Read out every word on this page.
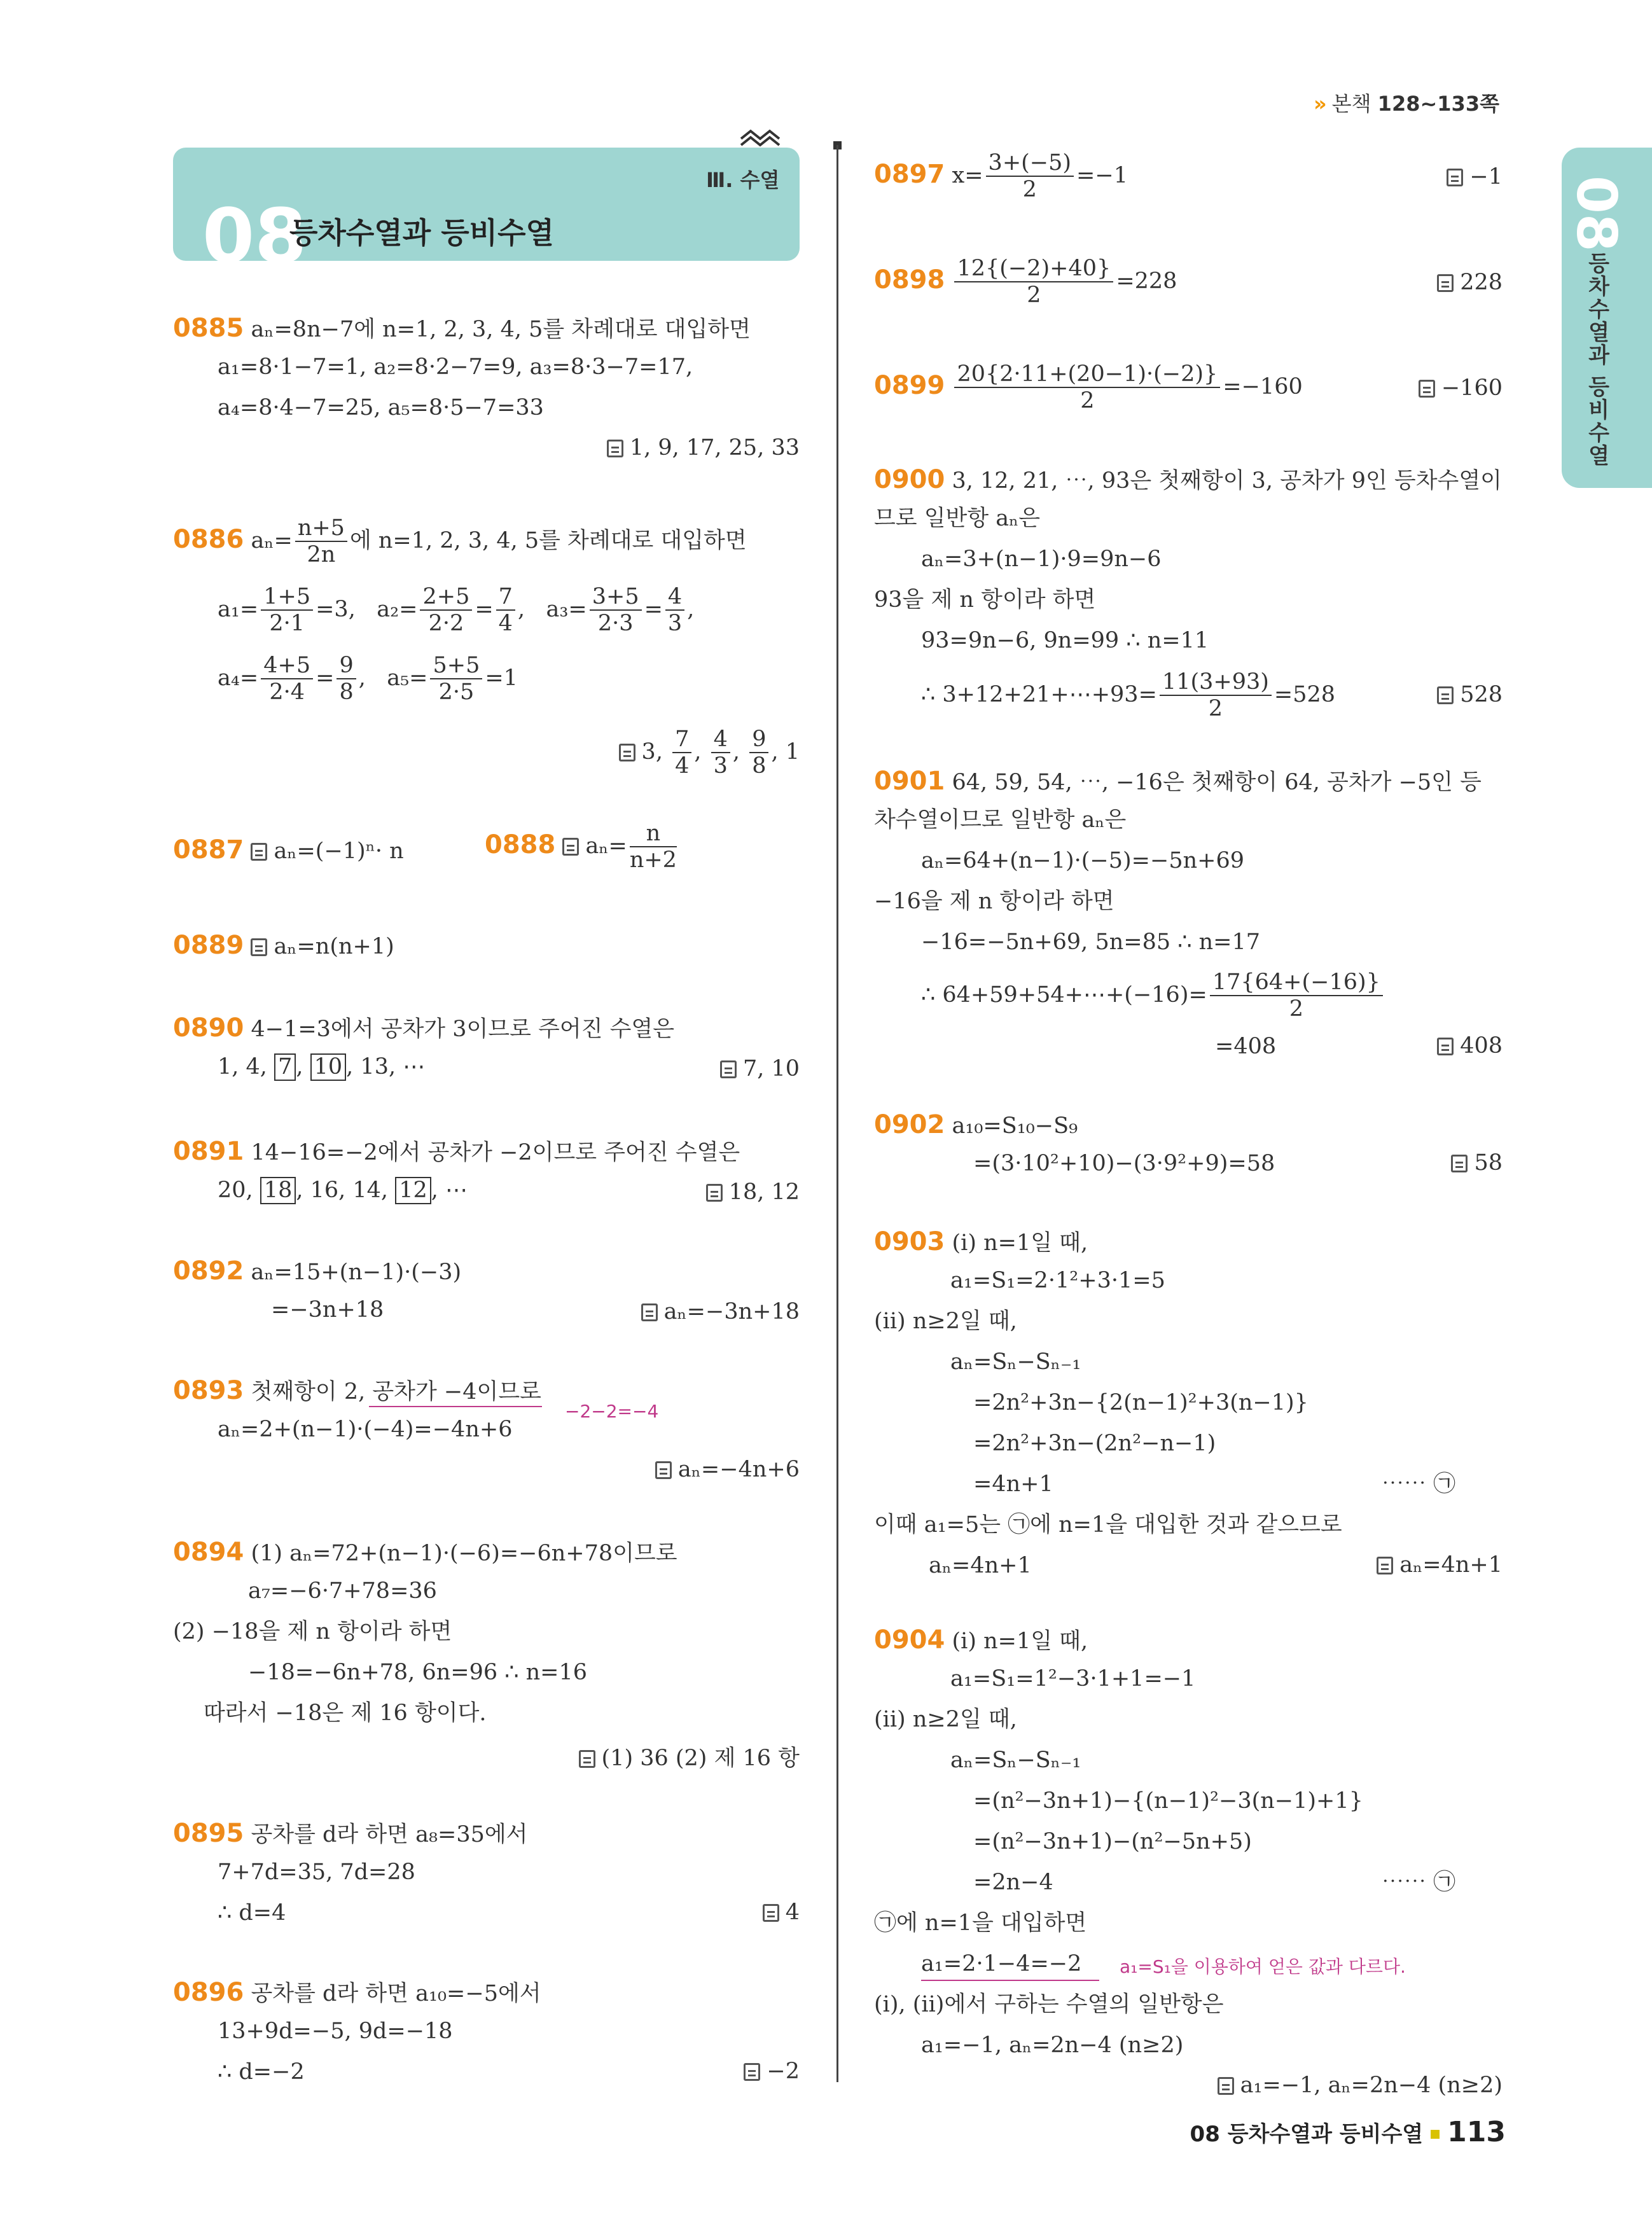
» 본책 128~133쪽
Ⅲ. 수열
08
등차수열과 등비수열	08
등차수열과 등비수열
0885 aₙ=8n−7에 n=1, 2, 3, 4, 5를 차례대로 대입하면
a₁=8·1−7=1, a₂=8·2−7=9, a₃=8·3−7=17,
a₄=8·4−7=25, a₅=8·5−7=33
1, 9, 17, 25, 33
0886 $a_n= \frac{n+5}{2n}$ 에 n=1, 2, 3, 4, 5를 차례대로 대입하면
$a_1= \frac{1+5}{2\cdot 1} =3$, $a_2= \frac{2+5}{2\cdot 2} = \frac{7}{4}$ , $a_3= \frac{3+5}{2\cdot 3} = \frac{4}{3}$ ,
$a_4= \frac{4+5}{2\cdot 4} = \frac{9}{8}$ , $a_5= \frac{5+5}{2\cdot 5} =1$
3, $\frac{7}{4}$ , $\frac{4}{3}$ , $\frac{9}{8}$ , 1
0887 aₙ=(−1)ⁿ· n	0888 $a_n= \frac{n}{n+2}$
0889 aₙ=n(n+1)
0890 4−1=3에서 공차가 3이므로 주어진 수열은
1, 4, 7 , 10 , 13, ⋯	7, 10
0891 14−16=−2에서 공차가 −2이므로 주어진 수열은
20, 18 , 16, 14, 12 , ⋯	18, 12
0892 aₙ=15+(n−1)·(−3)
=−3n+18	aₙ=−3n+18
0893 첫째항이 2, 공차가 −4이므로
−2−2=−4
aₙ=2+(n−1)·(−4)=−4n+6
aₙ=−4n+6
0894 (1) aₙ=72+(n−1)·(−6)=−6n+78이므로
a₇=−6·7+78=36
(2) −18을 제 n 항이라 하면
−18=−6n+78, 6n=96 ∴ n=16
따라서 −18은 제 16 항이다.
(1) 36 (2) 제 16 항
0895 공차를 d라 하면 a₈=35에서
7+7d=35, 7d=28
∴ d=4	4
0896 공차를 d라 하면 a₁₀=−5에서
13+9d=−5, 9d=−18
∴ d=−2	−2
0897 $x= \frac{3+(-5)}{2} =-1$	−1
$0898 \frac{12\{(-2)+40\}}{2} =228$	228
$0899 \frac{20\{2\cdot 11+(20-1)\cdot(-2)\}}{2} =-160$	−160
0900 3, 12, 21, ⋯, 93은 첫째항이 3, 공차가 9인 등차수열이
므로 일반항 aₙ은
aₙ=3+(n−1)·9=9n−6
93을 제 n 항이라 하면
93=9n−6, 9n=99 ∴ n=11
∴ 3+12+21+⋯+93= $\frac{11(3+93)}{2} =528$	528
0901 64, 59, 54, ⋯, −16은 첫째항이 64, 공차가 −5인 등
차수열이므로 일반항 aₙ은
aₙ=64+(n−1)·(−5)=−5n+69
−16을 제 n 항이라 하면
−16=−5n+69, 5n=85 ∴ n=17
∴ 64+59+54+⋯+(−16)= $\frac{17\{64+(-16)\}}{2}$
=408	408
0902 a₁₀=S₁₀−S₉
=(3·10²+10)−(3·9²+9)=58	58
0903 (i) n=1일 때,
a₁=S₁=2·1²+3·1=5
(ii) n≥2일 때,
aₙ=Sₙ−Sₙ₋₁
=2n²+3n−{2(n−1)²+3(n−1)}
=2n²+3n−(2n²−n−1)
=4n+1	⋯⋯ ㉠
이때 a₁=5는 ㉠에 n=1을 대입한 것과 같으므로
aₙ=4n+1	aₙ=4n+1
0904 (i) n=1일 때,
a₁=S₁=1²−3·1+1=−1
(ii) n≥2일 때,
aₙ=Sₙ−Sₙ₋₁
=(n²−3n+1)−{(n−1)²−3(n−1)+1}
=(n²−3n+1)−(n²−5n+5)
=2n−4	⋯⋯ ㉠
㉠에 n=1을 대입하면
a₁=2·1−4=−2 a₁=S₁을 이용하여 얻은 값과 다르다.
(i), (ii)에서 구하는 수열의 일반항은
a₁=−1, aₙ=2n−4 (n≥2)
a₁=−1, aₙ=2n−4 (n≥2)
08 등차수열과 등비수열 113
